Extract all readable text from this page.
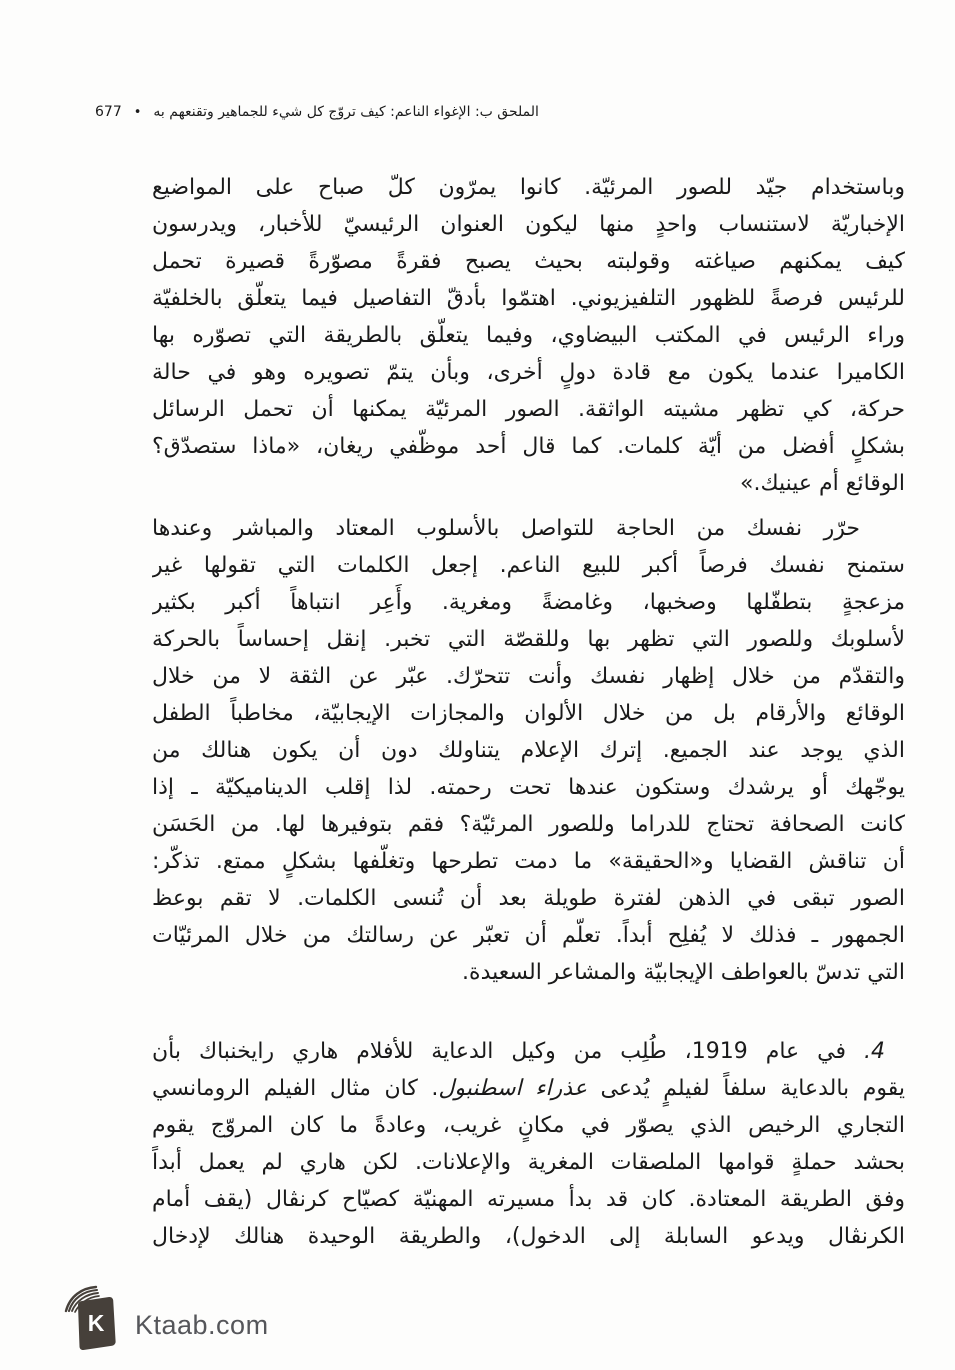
الملحق ب: الإغواء الناعم: كيف تروّج كل شيء للجماهير وتقنعهم به•677
وباستخدام جيّد للصور المرئيّة. كانوا يمرّون كلّ صباح على المواضيع
الإخباريّة لاستنساب واحدٍ منها ليكون العنوان الرئيسيّ للأخبار، ويدرسون
كيف يمكنهم صياغته وقولبته بحيث يصبح فقرةً مصوّرةً قصيرة تحمل
للرئيس فرصةً للظهور التلفيزيوني. اهتمّوا بأدقّ التفاصيل فيما يتعلّق بالخلفيّة
وراء الرئيس في المكتب البيضاوي، وفيما يتعلّق بالطريقة التي تصوّره بها
الكاميرا عندما يكون مع قادة دولٍ أخرى، وبأن يتمّ تصويره وهو في حالة
حركة، كي تظهر مشيته الواثقة. الصور المرئيّة يمكنها أن تحمل الرسائل
بشكلٍ أفضل من أيّة كلمات. كما قال أحد موظّفي ريغان، «ماذا ستصدّق؟
الوقائع أم عينيك.»
حرّر نفسك من الحاجة للتواصل بالأسلوب المعتاد والمباشر وعندها
ستمنح نفسك فرصاً أكبر للبيع الناعم. إجعل الكلمات التي تقولها غير
مزعجةٍ بتطفّلها وصخبها، وغامضةً ومغرية. وأَعِر انتباهاً أكبر بكثير
لأسلوبك وللصور التي تظهر بها وللقصّة التي تخبر. إنقل إحساساً بالحركة
والتقدّم من خلال إظهار نفسك وأنت تتحرّك. عبّر عن الثقة لا من خلال
الوقائع والأرقام بل من خلال الألوان والمجازات الإيجابيّة، مخاطباً الطفل
الذي يوجد عند الجميع. إترك الإعلام يتناولك دون أن يكون هنالك من
يوجّهك أو يرشدك وستكون عندها تحت رحمته. لذا إقلب الديناميكيّة ـ إذا
كانت الصحافة تحتاج للدراما وللصور المرئيّة؟ فقم بتوفيرها لها. من الحَسَن
أن تناقش القضايا و«الحقيقة» ما دمت تطرحها وتغلّفها بشكلٍ ممتع. تذكّر:
الصور تبقى في الذهن لفترة طويلة بعد أن تُنسى الكلمات. لا تقم بوعظ
الجمهور ـ فذلك لا يُفلِح أبداً. تعلّم أن تعبّر عن رسالتك من خلال المرئيّات
التي تدسّ بالعواطف الإيجابيّة والمشاعر السعيدة.
4. في عام 1919، طُلِب من وكيل الدعاية للأفلام هاري رايخنباك بأن
يقوم بالدعاية سلفاً لفيلمٍ يُدعى عذراء اسطنبول. كان مثال الفيلم الرومانسي
التجاري الرخيص الذي يصوّر في مكانٍ غريب، وعادةً ما كان المروّج يقوم
بحشد حملةٍ قوامها الملصقات المغرية والإعلانات. لكن هاري لم يعمل أبداً
وفق الطريقة المعتادة. كان قد بدأ مسيرته المهنيّة كصيّاح كرنڤال (يقف أمام
الكرنڤال ويدعو السابلة إلى الدخول)، والطريقة الوحيدة هنالك لإدخال
K Ktaab.com
